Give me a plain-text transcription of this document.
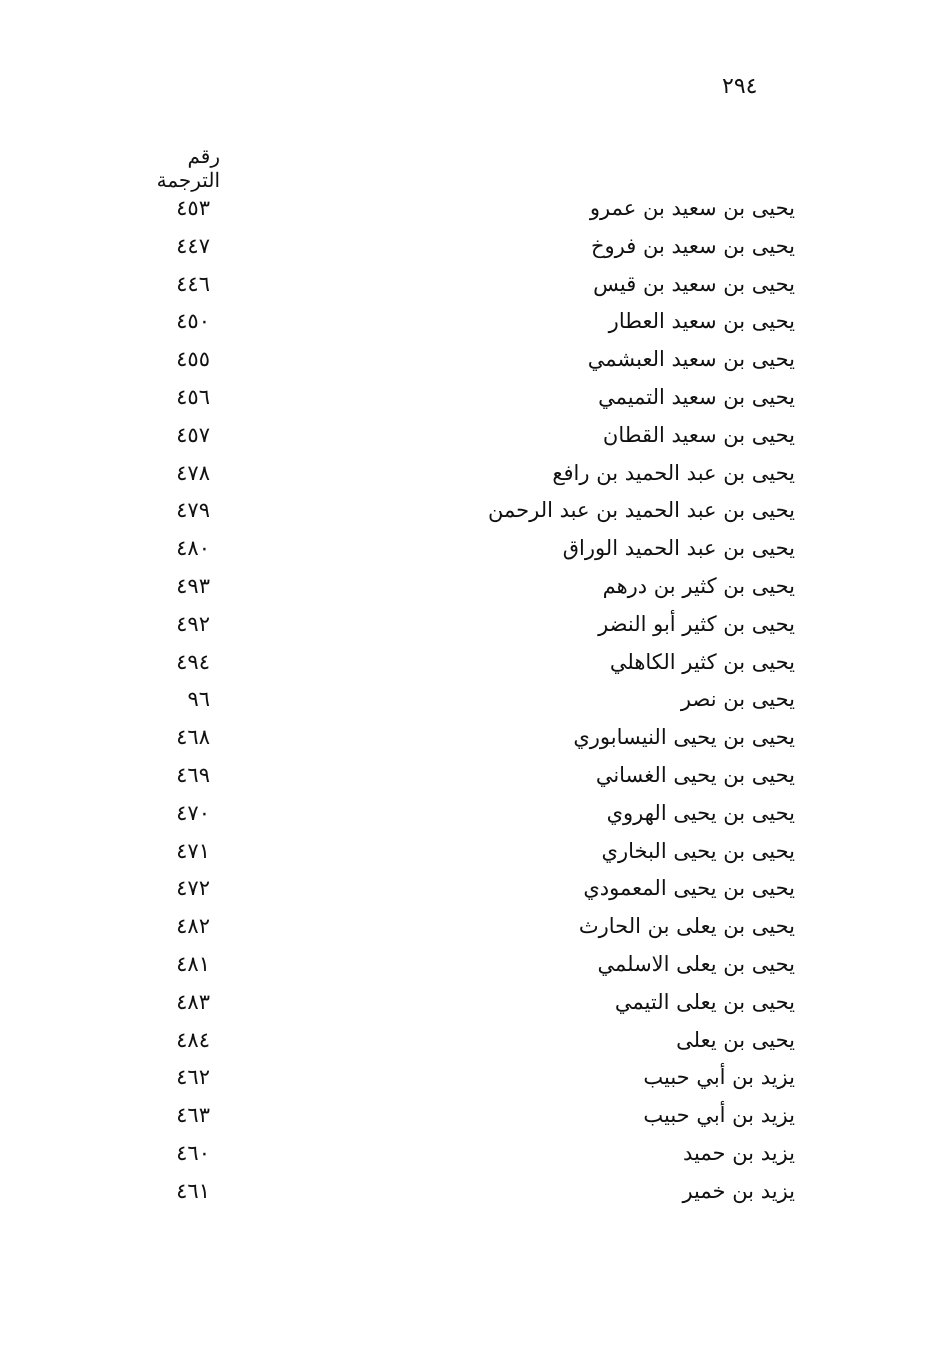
٢٩٤
رقم الترجمة
يحيى بن سعيد بن عمرو
٤٥٣
يحيى بن سعيد بن فروخ
٤٤٧
يحيى بن سعيد بن قيس
٤٤٦
يحيى بن سعيد العطار
٤٥٠
يحيى بن سعيد العبشمي
٤٥٥
يحيى بن سعيد التميمي
٤٥٦
يحيى بن سعيد القطان
٤٥٧
يحيى بن عبد الحميد بن رافع
٤٧٨
يحيى بن عبد الحميد بن عبد الرحمن
٤٧٩
يحيى بن عبد الحميد الوراق
٤٨٠
يحيى بن كثير بن درهم
٤٩٣
يحيى بن كثير أبو النضر
٤٩٢
يحيى بن كثير الكاهلي
٤٩٤
يحيى بن نصر
٩٦
يحيى بن يحيى النيسابوري
٤٦٨
يحيى بن يحيى الغساني
٤٦٩
يحيى بن يحيى الهروي
٤٧٠
يحيى بن يحيى البخاري
٤٧١
يحيى بن يحيى المعمودي
٤٧٢
يحيى بن يعلى بن الحارث
٤٨٢
يحيى بن يعلى الاسلمي
٤٨١
يحيى بن يعلى التيمي
٤٨٣
يحيى بن يعلى
٤٨٤
يزيد بن أبي حبيب
٤٦٢
يزيد بن أبي حبيب
٤٦٣
يزيد بن حميد
٤٦٠
يزيد بن خمير
٤٦١
